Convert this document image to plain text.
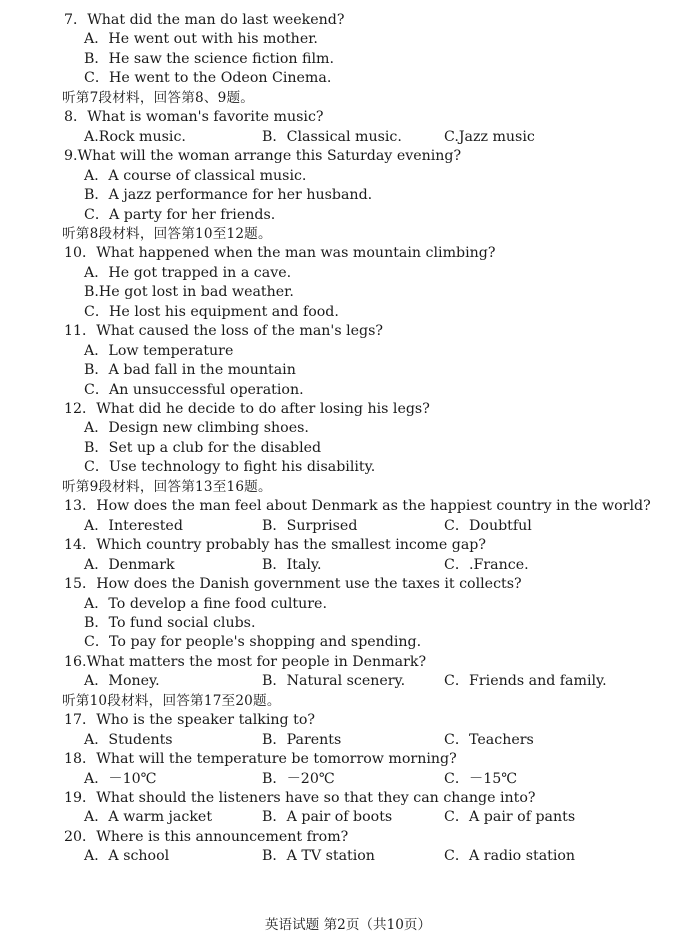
英语试题 第2页（共10页）
7．What did the man do last weekend?
A．He went out with his mother.
B．He saw the science fiction film.
C．He went to the Odeon Cinema.
听第7段材料，回答第8、9题。
8．What is woman's favorite music?
A.Rock music.	B．Classical music.	C.Jazz music
9.What will the woman arrange this Saturday evening?
A．A course of classical music.
B．A jazz performance for her husband.
C．A party for her friends.
听第8段材料，回答第10至12题。
10．What happened when the man was mountain climbing?
A．He got trapped in a cave.
B.He got lost in bad weather.
C．He lost his equipment and food.
11．What caused the loss of the man's legs?
A．Low temperature
B．A bad fall in the mountain
C．An unsuccessful operation.
12．What did he decide to do after losing his legs?
A．Design new climbing shoes.
B．Set up a club for the disabled
C．Use technology to fight his disability.
听第9段材料，回答第13至16题。
13．How does the man feel about Denmark as the happiest country in the world?
A．Interested	B．Surprised	C．Doubtful
14．Which country probably has the smallest income gap?
A．Denmark	B．Italy.	C．.France.
15．How does the Danish government use the taxes it collects?
A．To develop a fine food culture.
B．To fund social clubs.
C．To pay for people's shopping and spending.
16.What matters the most for people in Denmark?
A．Money.	B．Natural scenery.	C．Friends and family.
听第10段材料，回答第17至20题。
17．Who is the speaker talking to?
A．Students	B．Parents	C．Teachers
18．What will the temperature be tomorrow morning?
A．－10℃	B．－20℃	C．－15℃
19．What should the listeners have so that they can change into?
A．A warm jacket	B．A pair of boots	C．A pair of pants
20．Where is this announcement from?
A．A school	B．A TV station	C．A radio station
